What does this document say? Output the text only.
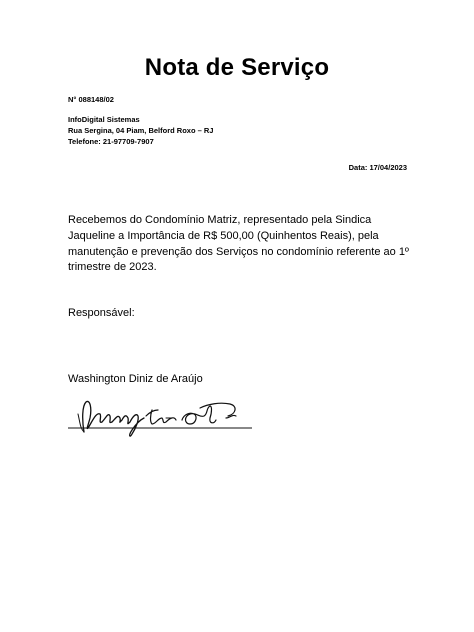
Nota de Serviço
N° 088148/02
InfoDigital Sistemas
Rua Sergina, 04 Piam, Belford Roxo – RJ
Telefone: 21-97709-7907
Data: 17/04/2023
Recebemos do Condomínio Matriz, representado pela Sindica Jaqueline a Importância de R$ 500,00 (Quinhentos Reais), pela manutenção e prevenção dos Serviços no condomínio referente ao 1º trimestre de 2023.
Responsável:
Washington Diniz de Araújo
